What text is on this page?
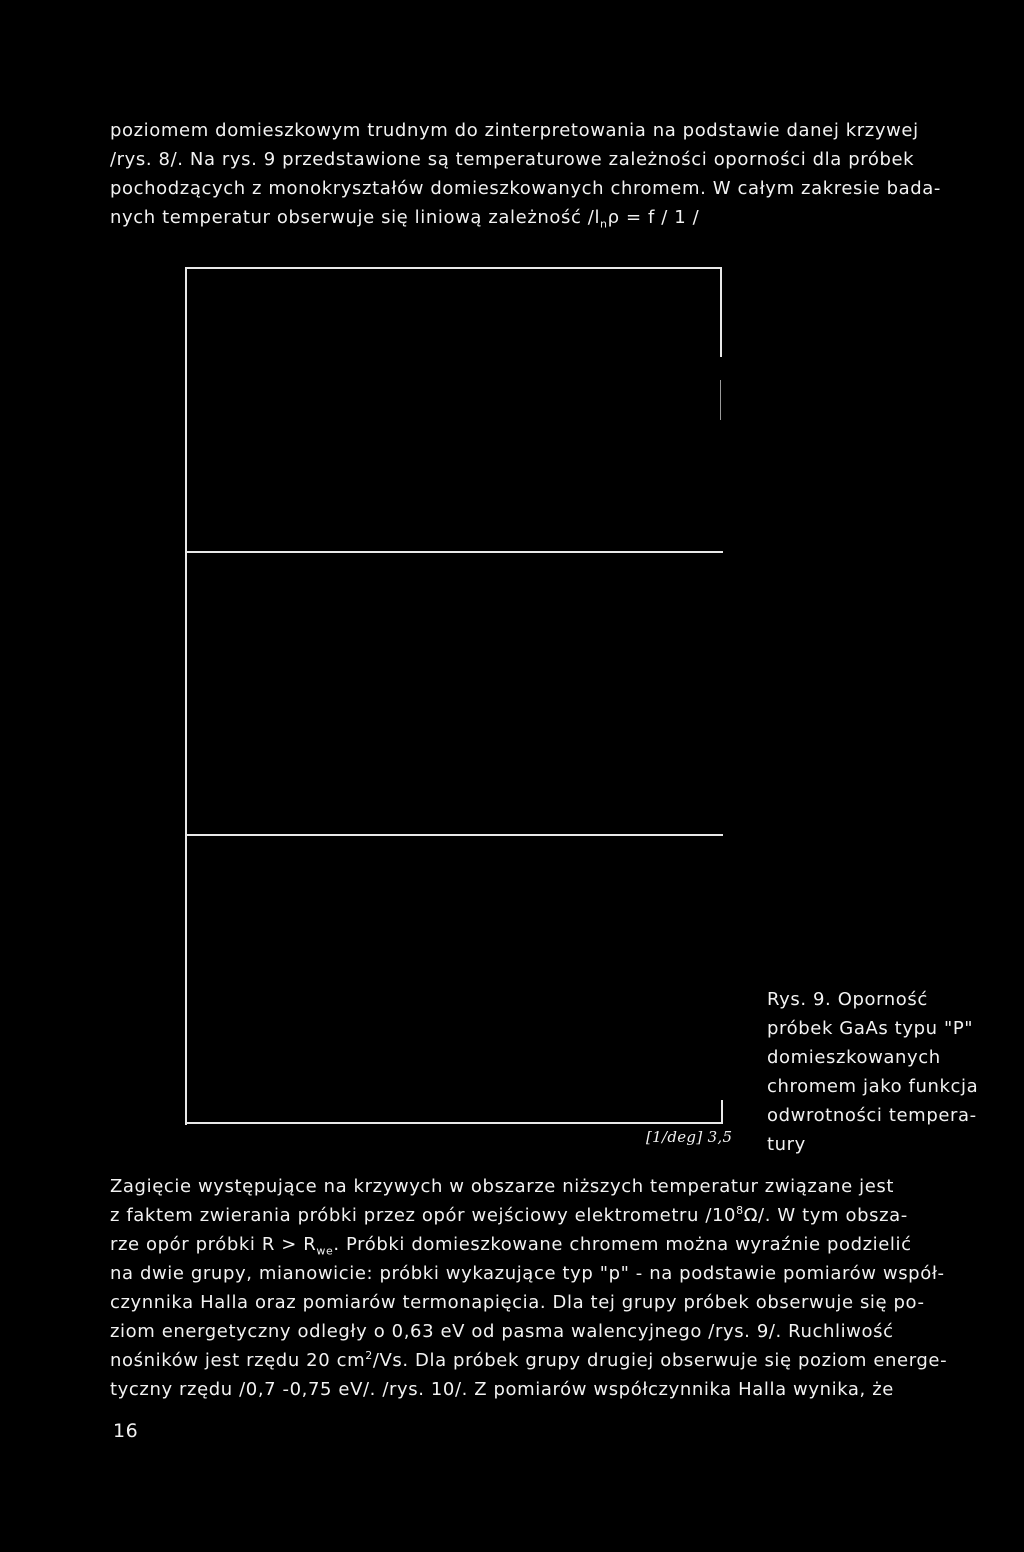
poziomem domieszkowym trudnym do zinterpretowania na podstawie danej krzywej
/rys. 8/. Na rys. 9 przedstawione są temperaturowe zależności oporności dla próbek
pochodzących z monokryształów domieszkowanych chromem. W całym zakresie bada-
nych temperatur obserwuje się liniową zależność $/l_n\rho = f / 1$ /
[1/deg] 3,5
Rys. 9. Oporność
próbek GaAs typu "P"
domieszkowanych
chromem jako funkcja
odwrotności tempera-
tury
Zagięcie występujące na krzywych w obszarze niższych temperatur związane jest
z faktem zwierania próbki przez opór wejściowy elektrometru $/10^8\Omega/$. W tym obsza-
rze opór próbki $R > R_{we}$. Próbki domieszkowane chromem można wyraźnie podzielić
na dwie grupy, mianowicie: próbki wykazujące typ "p" - na podstawie pomiarów współ-
czynnika Halla oraz pomiarów termonapięcia. Dla tej grupy próbek obserwuje się po-
ziom energetyczny odległy o 0,63 eV od pasma walencyjnego /rys. 9/. Ruchliwość
nośników jest rzędu 20 $cm^2/Vs$. Dla próbek grupy drugiej obserwuje się poziom energe-
tyczny rzędu /0,7 -0,75 eV/. /rys. 10/. Z pomiarów współczynnika Halla wynika, że
16
